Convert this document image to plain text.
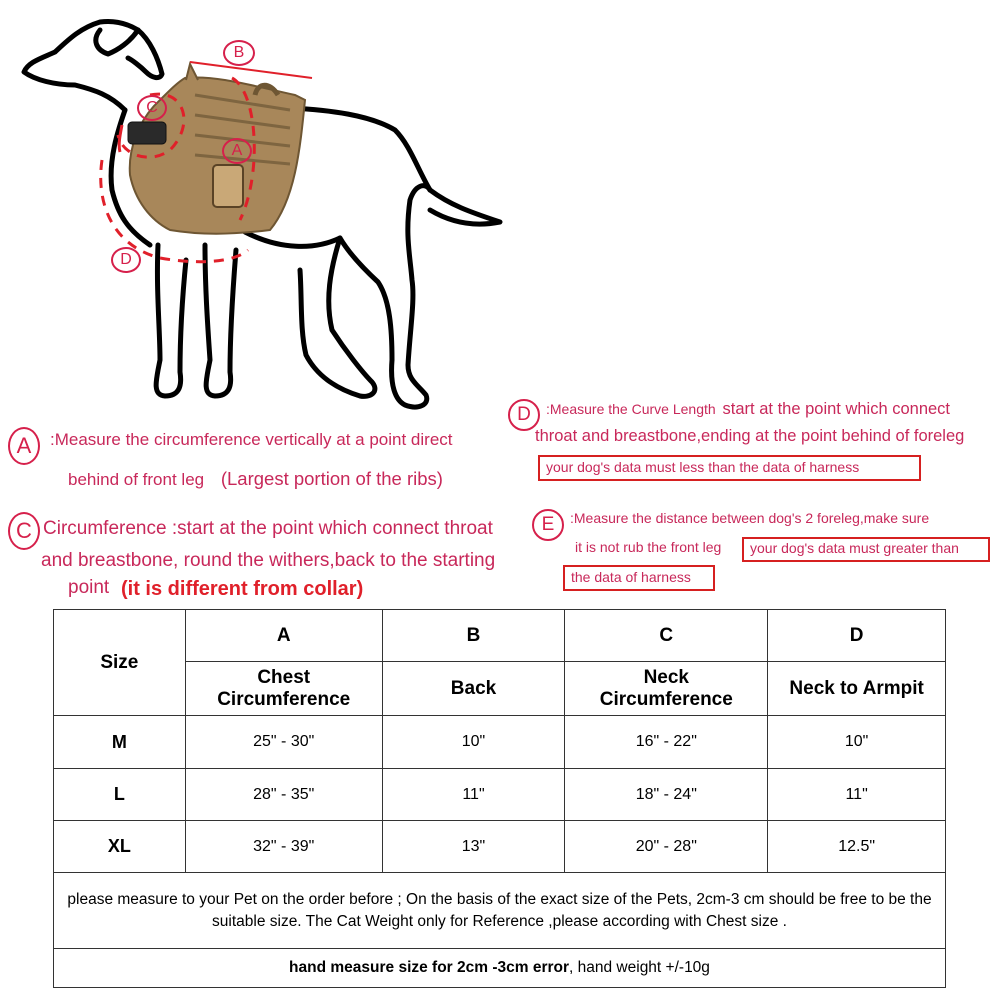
B
C
A
D
A	:Measure the circumference vertically at a point direct
behind of front leg (Largest portion of the ribs)
C Circumference :start at the point which connect throat
and breastbone, round the withers,back to the starting
point (it is different from collar)
D	:Measure the Curve Length start at the point which connect
throat and breastbone,ending at the point behind of foreleg
your dog's data must less than the data of harness
E	:Measure the distance between dog's 2 foreleg,make sure
it is not rub the front leg	your dog's data must greater than
the data of harness
Size	A	B	C	D
	Chest Circumference	Back	Neck Circumference	Neck to Armpit
M	25" - 30"	10"	16" - 22"	10"
L	28" - 35"	11"	18" - 24"	11"
XL	32" - 39"	13"	20" - 28"	12.5"
please measure to your Pet on the order before ; On the basis of the exact size of the Pets, 2cm-3 cm should be free to be the suitable size. The Cat Weight only for Reference ,please according with Chest size .				
hand measure size for 2cm -3cm error, hand weight +/-10g				
